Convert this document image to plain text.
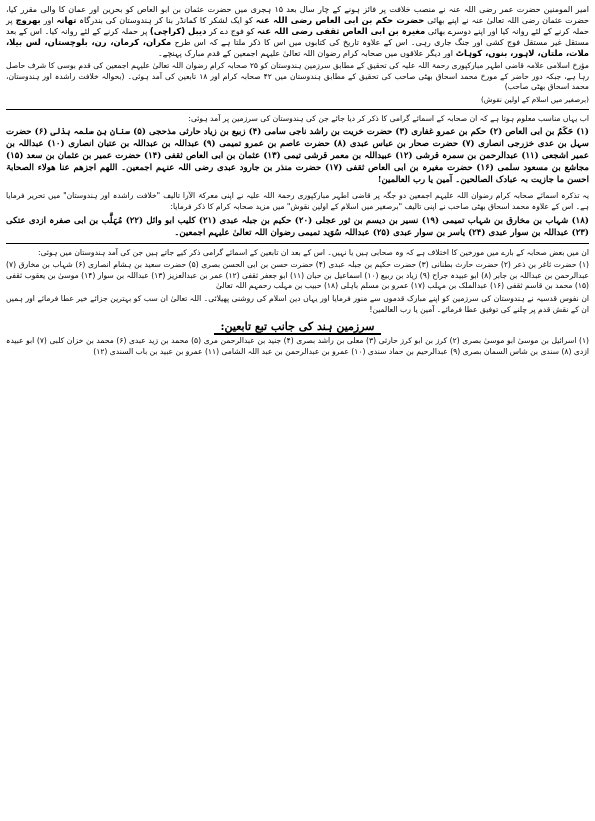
امیر المومنین حضرت عمر رضی اللہ عنہ نے منصب خلافت پر فائز ہونے کے چار سال بعد ۱۵ ہجری میں حضرت عثمان بن ابو العاص کو بحرین اور عمان کا والی مقرر کیا، حضرت عثمان رضی اللہ تعالیٰ عنہ نے اپنے بھائی حضرت حکم بن ابی العاص رضی اللہ عنہ کو ایک لشکر کا کمانڈر بنا کر ہندوستان کی بندرگاہ تھانہ اور بھروچ پر حملہ کرنے کے لئے روانہ کیا اور اپنے دوسرے بھائی مغیرہ بن ابی العاص ثقفی رضی اللہ عنہ کو فوج دے کر دیبل (کراچی) پر حملہ کرنے کے لئے روانہ کیا۔ اس کے بعد مستقل غیر مستقل فوج کشی اور جنگ جاری رہی۔ اس کے علاوہ تاریخ کی کتابوں میں اس کا ذکر ملتا ہے کہ اس طرح مکران، کرمان، رن، بلوچستان، لس بیلا، ملات، ملتان، لاہور، بنوں، کوہاٹ اور دیگر علاقوں میں صحابہ کرام رضوان اللہ تعالیٰ علیہم اجمعین کے قدم مبارک پہنچے۔

مؤرخ اسلامی علامہ قاضی اطہر مبارکپوری رحمۃ اللہ علیہ کی تحقیق کے مطابق سرزمین ہندوستان کو ۲۵ صحابہ کرام رضوان اللہ تعالیٰ علیہم اجمعین کی قدم بوسی کا شرف حاصل رہا ہے، جبکہ دور حاضر کے مورخ محمد اسحاق بھٹی صاحب کی تحقیق کے مطابق ہندوستان میں ۴۲ صحابہ کرام اور ۱۸ تابعین کی آمد ہوئی۔ (بحوالہ خلافت راشدہ اور ہندوستان، محمد اسحاق بھٹی صاحب)

(برصغیر میں اسلام کے اولین نقوش)

اب یہاں مناسب معلوم ہوتا ہے کہ ان صحابہ کے اسمائے گرامی کا ذکر کر دیا جائے جن کی ہندوستان کی سرزمین پر آمد ہوئی:

(۱) حَکَمُ بن ابی العاص (۲) حکم بن عمرو غفاری (۳) حضرت خریت بن راشد ناجی سامی (۴) زبیع بن زیاد حارثی مذحجی (۵) سنان بن سلمہ ہذلی (۶) حضرت سہل بن عدی خزرجی انصاری (۷) حضرت صحار بن عباس عبدی (۸) حضرت عاصم بن عمرو تمیمی (۹) عبداللہ بن عبداللہ بن عتبان انصاری (۱۰) عبداللہ بن عمیر اشجعی (۱۱) عبدالرحمن بن سمرہ قرشی (۱۲) عبیداللہ بن معمر قرشی تیمی (۱۳) عثمان بن ابی العاص ثقفی (۱۴) حضرت عمیر بن عثمان بن سعد (۱۵) مجاشع بن مسعود سلمی (۱۶) حضرت مغیرہ بن ابی العاص ثقفی (۱۷) حضرت منذر بن جارود عبدی رضی اللہ عنہم اجمعین۔ اللھم اجزھم عنا ھولاء الصحابۃ احسن ما جازیت بہ عبادک الصالحین۔ آمین یا رب العالمین!

یہ تذکرہ اسمائے صحابہ کرام رضوان اللہ علیہم اجمعین دو جگہ پر قاضی اطہر مبارکپوری رحمۃ اللہ علیہ نے اپنی معرکۃ الآرا تالیف "خلافت راشدہ اور ہندوستان" میں تحریر فرمایا ہے۔ اس کے علاوہ محمد اسحاق بھٹی صاحب نے اپنی تالیف "برصغیر میں اسلام کے اولین نقوش" میں مزید صحابہ کرام کا ذکر فرمایا:

(۱۸) شہاب بن مخارق بن شہاب تمیمی (۱۹) نسیر بن دیسم بن ثور عجلی (۲۰) حکیم بن جبلہ عبدی (۲۱) کلیب ابو وائل (۲۲) مُہَلَّب بن ابی صفرہ ازدی عتکی (۲۳) عبداللہ بن سوار عبدی (۲۴) یاسر بن سوار عبدی (۲۵) عبداللہ سُوَید تمیمی رضوان اللہ تعالیٰ علیہم اجمعین۔

ان میں بعض صحابہ کے بارے میں مورخین کا اختلاف ہے کہ وہ صحابی ہیں یا نہیں۔ اس کے بعد ان تابعین کے اسمائے گرامی ذکر کیے جاتے ہیں جن کی آمد ہندوستان میں ہوئی:

(۱) حضرت ثاغر بن ذعر (۲) حضرت حارث بطنانی (۳) حضرت حکیم بن جبلہ عبدی (۴) حضرت حسن بن ابی الحسن بصری (۵) حضرت سعید بن ہشام انصاری (۶) شہاب بن مخارق (۷) عبدالرحمن بن عبداللہ بن جابر (۸) ابو عبیدہ جراح (۹) زیاد بن ربیع (۱۰) اسماعیل بن حبان (۱۱) ابو جعفر ثقفی (۱۲) عمر بن عبدالعزیز (۱۳) عبداللہ بن سوار (۱۴) موسیٰ بن یعقوب ثقفی (۱۵) محمد بن قاسم ثقفی (۱۶) عبدالملک بن مہلب (۱۷) عمرو بن مسلم باہلی (۱۸) حبیب بن مہلب رحمہم اللہ تعالیٰ

ان نفوس قدسیہ نے ہندوستان کی سرزمین کو اپنے مبارک قدموں سے منور فرمایا اور یہاں دین اسلام کی روشنی پھیلائی۔ اللہ تعالیٰ ان سب کو بہترین جزائے خیر عطا فرمائے اور ہمیں ان کے نقش قدم پر چلنے کی توفیق عطا فرمائے۔ آمین یا رب العالمین!

سرزمین ہند کی جانب تبع تابعین:

(۱) اسرائیل بن موسیٰ ابو موسیٰ بصری (۲) کرز بن ابو کرز حارثی (۳) معلی بن راشد بصری (۴) جنید بن عبدالرحمن مری (۵) محمد بن زید عبدی (۶) محمد بن خزان کلبی (۷) ابو عبیدہ ازدی (۸) سندی بن شاس السمان بصری (۹) عبدالرحیم بن حماد سندی (۱۰) عمرو بن عبدالرحمن بن عبد اللہ الشامی (۱۱) عمرو بن عبید بن باب السندی (۱۲)
